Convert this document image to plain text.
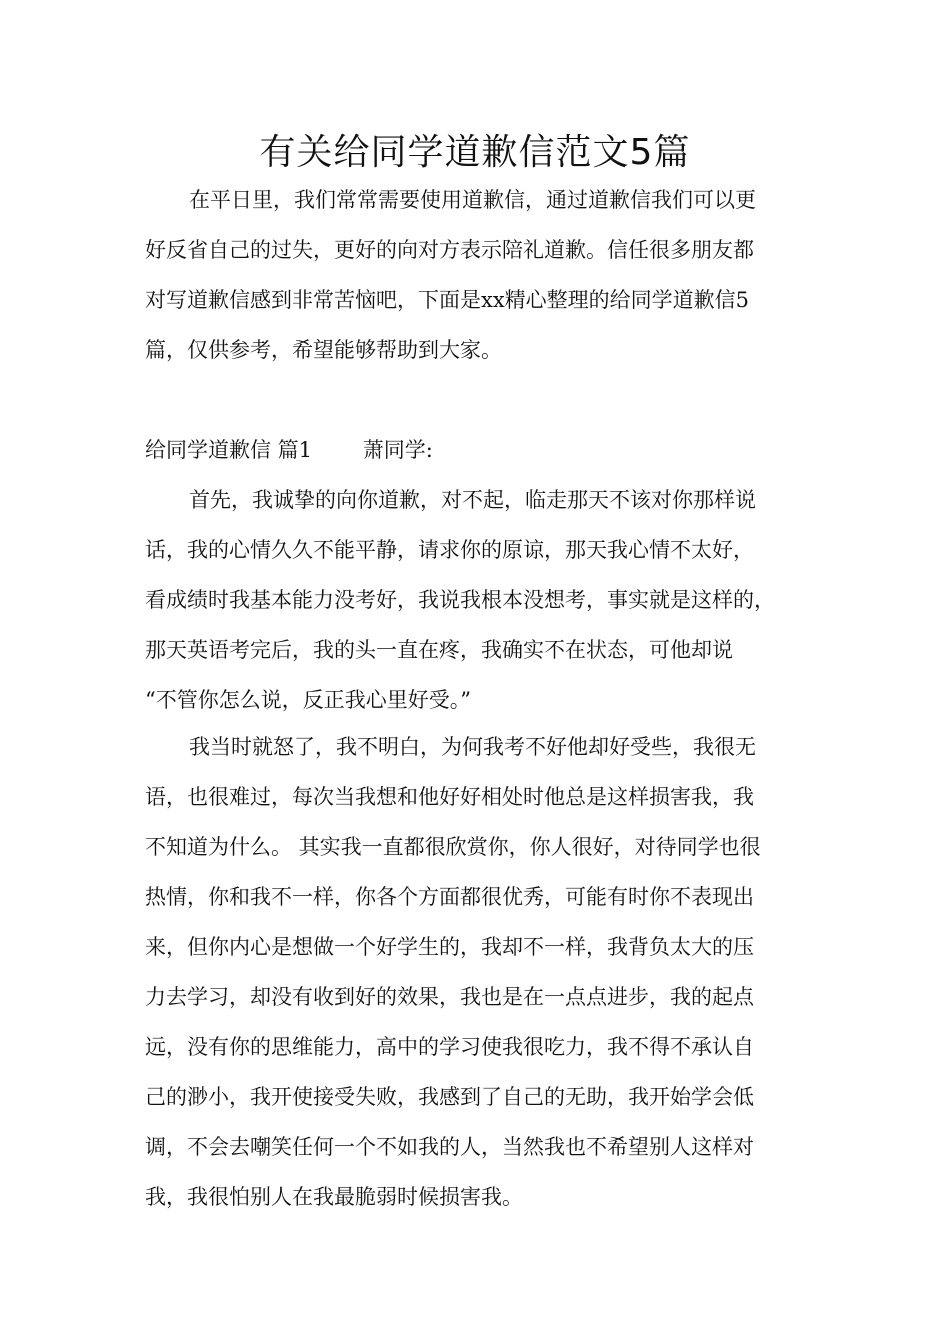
有关给同学道歉信范文5篇
在平日里，我们常常需要使用道歉信，通过道歉信我们可以更
好反省自己的过失，更好的向对方表示陪礼道歉。信任很多朋友都
对写道歉信感到非常苦恼吧，下面是xx精心整理的给同学道歉信5
篇，仅供参考，希望能够帮助到大家。
给同学道歉信 篇1 萧同学:
首先，我诚挚的向你道歉，对不起，临走那天不该对你那样说
话，我的心情久久不能平静，请求你的原谅，那天我心情不太好，
看成绩时我基本能力没考好，我说我根本没想考，事实就是这样的，
那天英语考完后，我的头一直在疼，我确实不在状态，可他却说
“不管你怎么说，反正我心里好受。”
我当时就怒了，我不明白，为何我考不好他却好受些，我很无
语，也很难过，每次当我想和他好好相处时他总是这样损害我，我
不知道为什么。 其实我一直都很欣赏你，你人很好，对待同学也很
热情，你和我不一样，你各个方面都很优秀，可能有时你不表现出
来，但你内心是想做一个好学生的，我却不一样，我背负太大的压
力去学习，却没有收到好的效果，我也是在一点点进步，我的起点
远，没有你的思维能力，高中的学习使我很吃力，我不得不承认自
己的渺小，我开使接受失败，我感到了自己的无助，我开始学会低
调，不会去嘲笑任何一个不如我的人，当然我也不希望别人这样对
我，我很怕别人在我最脆弱时候损害我。
